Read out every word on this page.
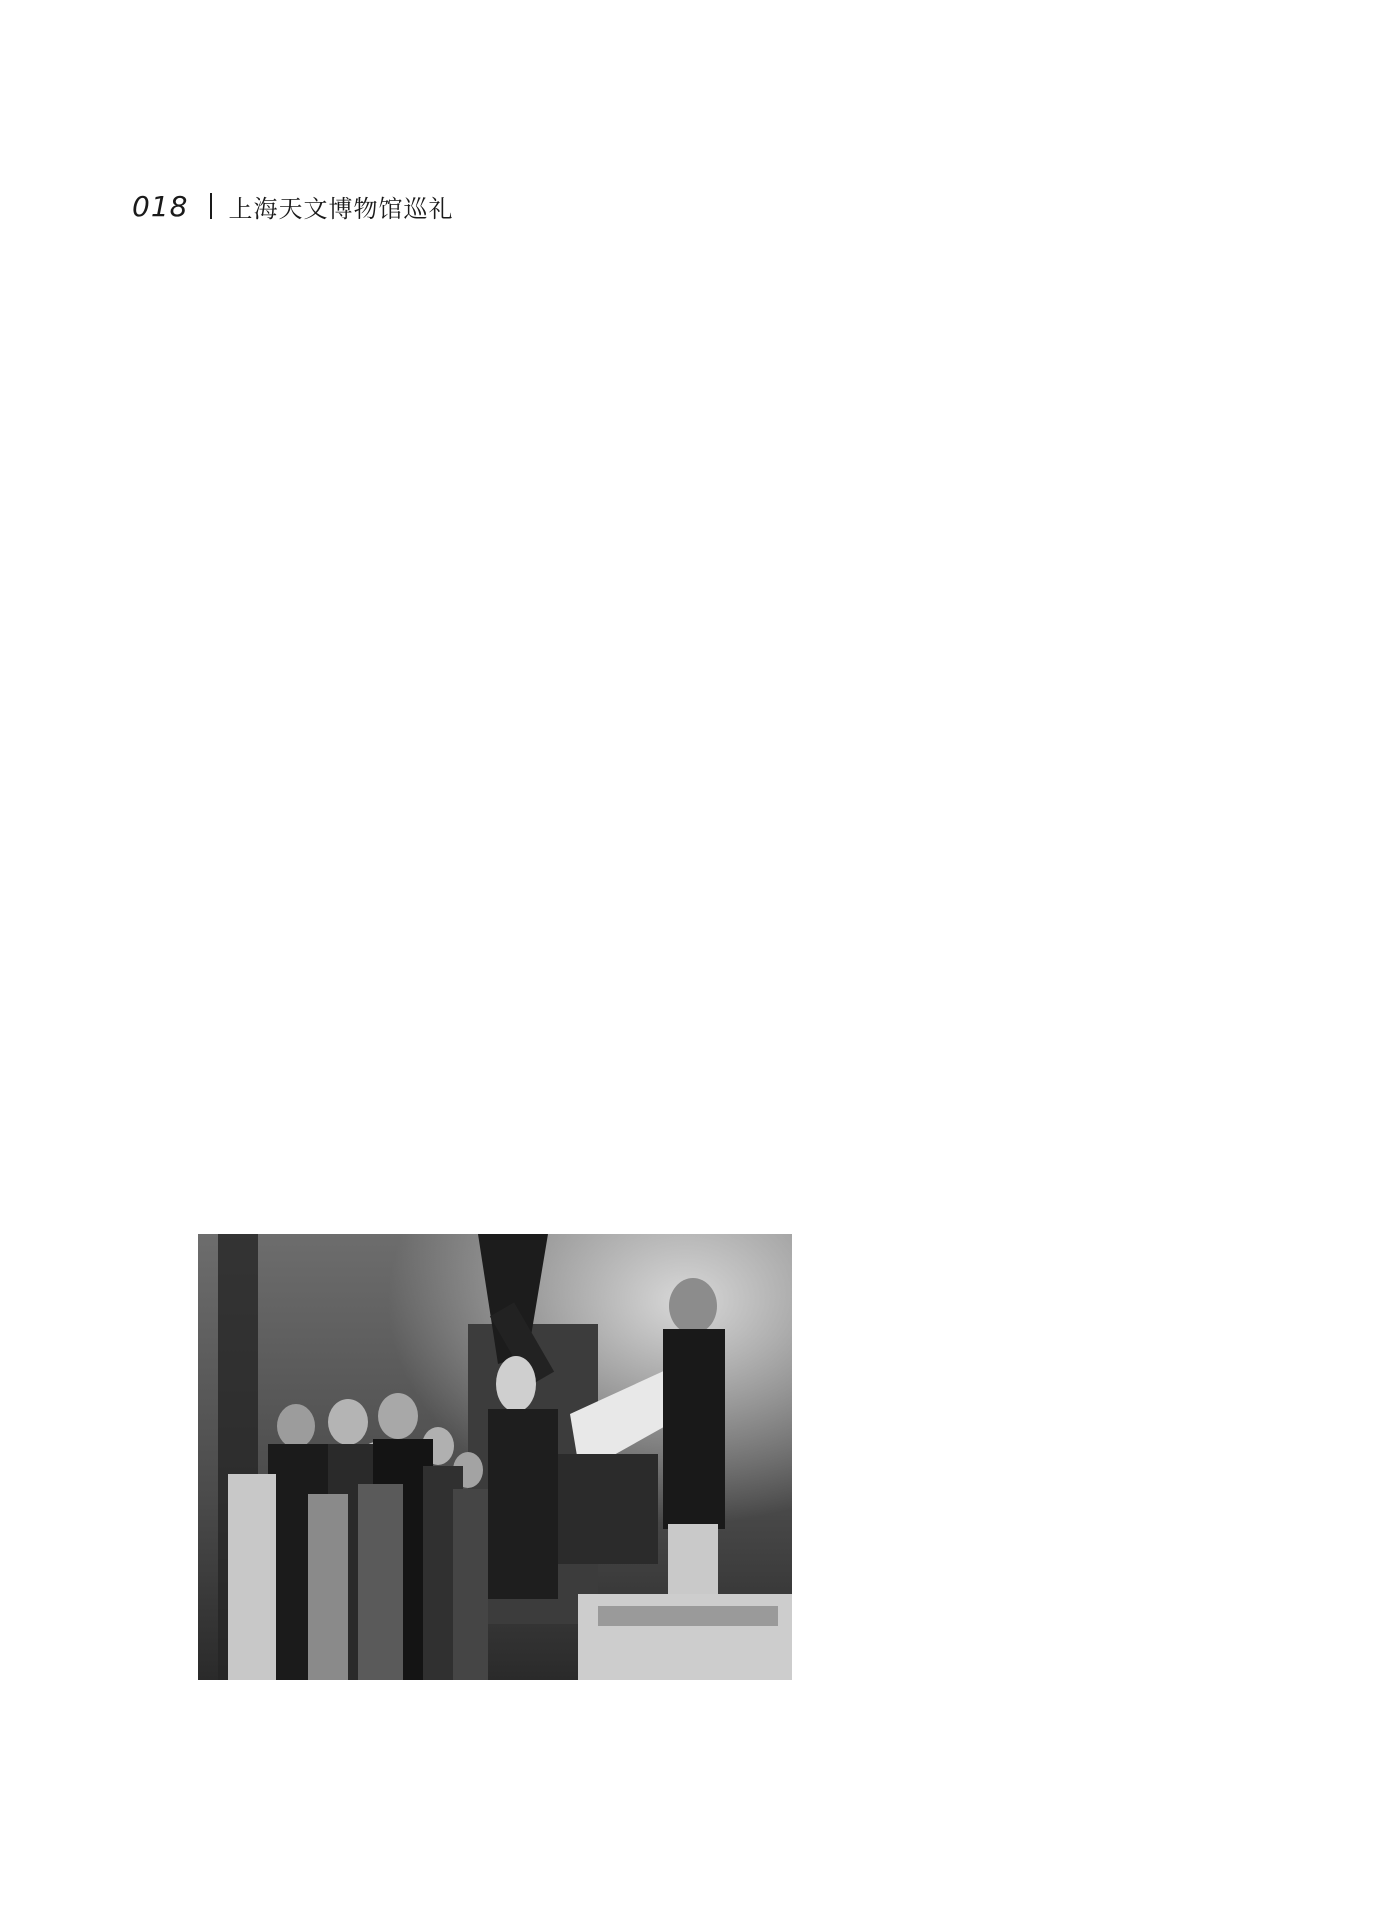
018 上海天文博物馆巡礼
